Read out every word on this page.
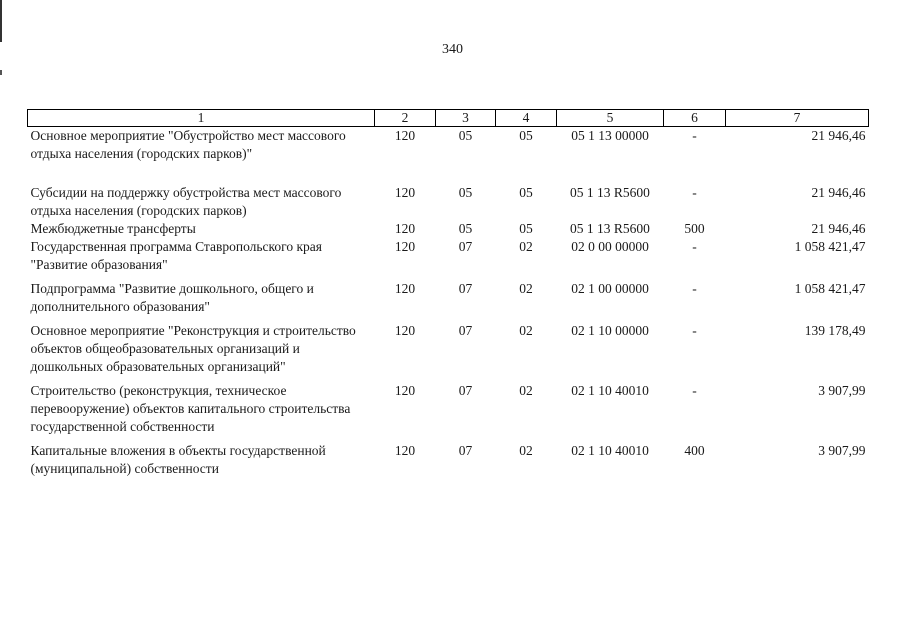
340
1	2	3	4	5	6	7
Основное мероприятие "Обустройство мест массового отдыха населения (городских парков)"	120	05	05	05 1 13 00000	-	21 946,46
Субсидии на поддержку обустройства мест массового отдыха населения (городских парков)	120	05	05	05 1 13 R5600	-	21 946,46
Межбюджетные трансферты	120	05	05	05 1 13 R5600	500	21 946,46
Государственная программа Ставропольского края "Развитие образования"	120	07	02	02 0 00 00000	-	1 058 421,47
Подпрограмма "Развитие дошкольного, общего и дополнительного образования"	120	07	02	02 1 00 00000	-	1 058 421,47
Основное мероприятие "Реконструкция и строительство объектов общеобразовательных организаций и дошкольных образовательных организаций"	120	07	02	02 1 10 00000	-	139 178,49
Строительство (реконструкция, техническое перевооружение) объектов капитального строительства государственной собственности	120	07	02	02 1 10 40010	-	3 907,99
Капитальные вложения в объекты государственной (муниципальной) собственности	120	07	02	02 1 10 40010	400	3 907,99
